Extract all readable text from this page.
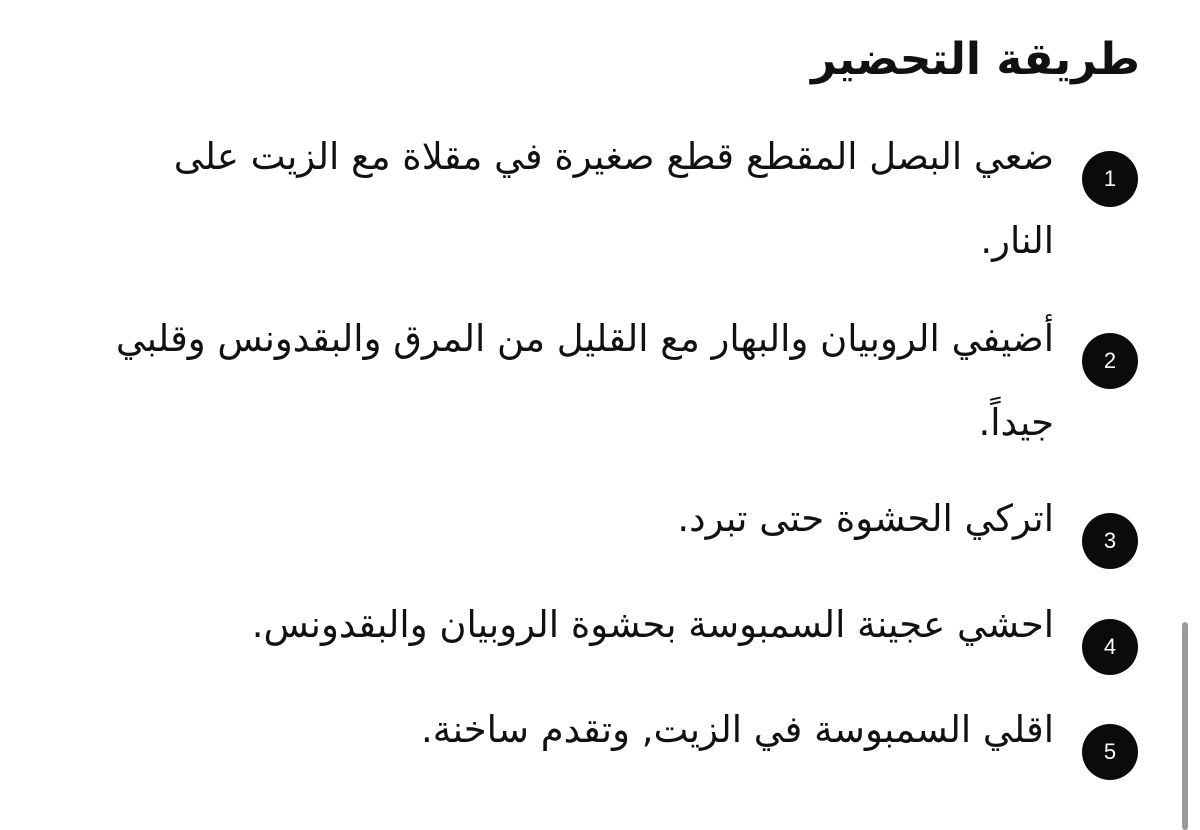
طريقة التحضير
1
ضعي البصل المقطع قطع صغيرة في مقلاة مع الزيت على النار.
2
أضيفي الروبيان والبهار مع القليل من المرق والبقدونس وقلبي جيداً.
3
اتركي الحشوة حتى تبرد.
4
احشي عجينة السمبوسة بحشوة الروبيان والبقدونس.
5
اقلي السمبوسة في الزيت, وتقدم ساخنة.
